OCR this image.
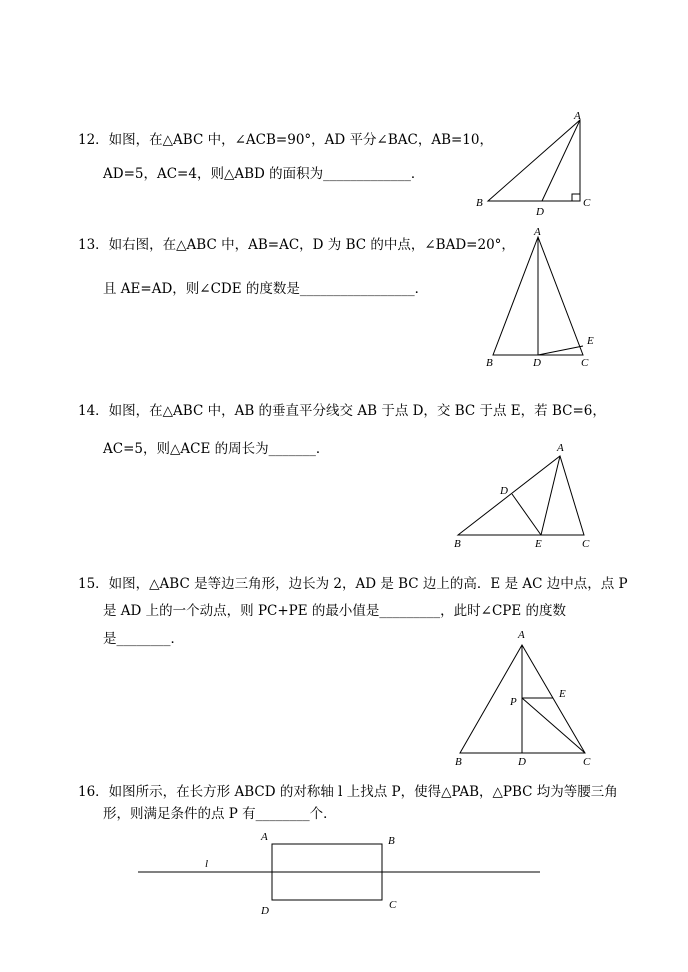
12．如图，在△ABC 中，∠ACB=90°，AD 平分∠BAC，AB=10，
AD=5，AC=4，则△ABD 的面积为_____________．
A
B	C
D
13．如右图，在△ABC 中，AB=AC，D 为 BC 的中点，∠BAD=20°，
且 AE=AD，则∠CDE 的度数是_________________．
A
B	C
D
E
14．如图，在△ABC 中，AB 的垂直平分线交 AB 于点 D，交 BC 于点 E，若 BC=6，
AC=5，则△ACE 的周长为_______．	A
B	C
D
E
15．如图，△ABC 是等边三角形，边长为 2，AD 是 BC 边上的高．E 是 AC 边中点，点 P
是 AD 上的一个动点，则 PC+PE 的最小值是_________，此时∠CPE 的度数
是________．	A
B	C
D
E
P
16．如图所示，在长方形 ABCD 的对称轴 l 上找点 P，使得△PAB，△PBC 均为等腰三角
形，则满足条件的点 P 有________个．
l
A	B
C
D
